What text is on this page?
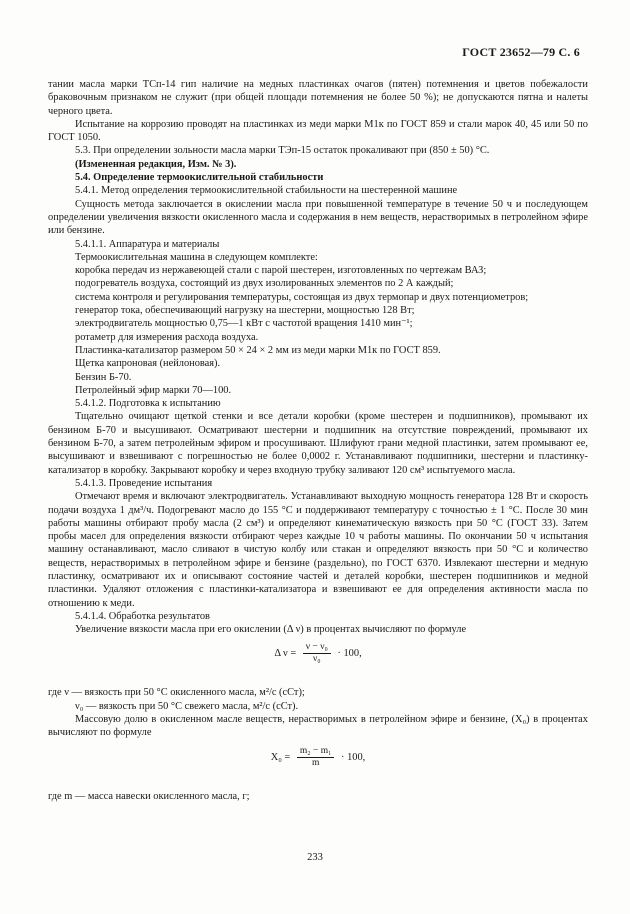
ГОСТ 23652—79 С. 6

тании масла марки ТСп-14 гип наличие на медных пластинках очагов (пятен) потемнения и цветов побежалости браковочным признаком не служит (при общей площади потемнения не более 50 %); не допускаются пятна и налеты черного цвета.

Испытание на коррозию проводят на пластинках из меди марки М1к по ГОСТ 859 и стали марок 40, 45 или 50 по ГОСТ 1050.

5.3. При определении зольности масла марки ТЭп-15 остаток прокаливают при (850 ± 50) °С.

(Измененная редакция, Изм. № 3).

5.4. Определение термоокислительной стабильности

5.4.1. Метод определения термоокислительной стабильности на шестеренной машине

Сущность метода заключается в окислении масла при повышенной температуре в течение 50 ч и последующем определении увеличения вязкости окисленного масла и содержания в нем веществ, нерастворимых в петролейном эфире или бензине.

5.4.1.1. Аппаратура и материалы

Термоокислительная машина в следующем комплекте:

коробка передач из нержавеющей стали с парой шестерен, изготовленных по чертежам ВАЗ;

подогреватель воздуха, состоящий из двух изолированных элементов по 2 А каждый;

система контроля и регулирования температуры, состоящая из двух термопар и двух потенциометров;

генератор тока, обеспечивающий нагрузку на шестерни, мощностью 128 Вт;

электродвигатель мощностью 0,75—1 кВт с частотой вращения 1410 мин⁻¹;

ротаметр для измерения расхода воздуха.

Пластинка-катализатор размером 50 × 24 × 2 мм из меди марки М1к по ГОСТ 859.

Щетка капроновая (нейлоновая).

Бензин Б-70.

Петролейный эфир марки 70—100.

5.4.1.2. Подготовка к испытанию

Тщательно очищают щеткой стенки и все детали коробки (кроме шестерен и подшипников), промывают их бензином Б-70 и высушивают. Осматривают шестерни и подшипник на отсутствие повреждений, промывают их бензином Б-70, а затем петролейным эфиром и просушивают. Шлифуют грани медной пластинки, затем промывают ее, высушивают и взвешивают с погрешностью не более 0,0002 г. Устанавливают подшипники, шестерни и пластинку-катализатор в коробку. Закрывают коробку и через входную трубку заливают 120 см³ испытуемого масла.

5.4.1.3. Проведение испытания

Отмечают время и включают электродвигатель. Устанавливают выходную мощность генератора 128 Вт и скорость подачи воздуха 1 дм³/ч. Подогревают масло до 155 °С и поддерживают температуру с точностью ± 1 °С. После 30 мин работы машины отбирают пробу масла (2 см³) и определяют кинематическую вязкость при 50 °С (ГОСТ 33). Затем пробы масел для определения вязкости отбирают через каждые 10 ч работы машины. По окончании 50 ч испытания машину останавливают, масло сливают в чистую колбу или стакан и определяют вязкость при 50 °С и количество веществ, нерастворимых в петролейном эфире и бензине (раздельно), по ГОСТ 6370. Извлекают шестерни и медную пластинку, осматривают их и описывают состояние частей и деталей коробки, шестерен подшипников и медной пластинки. Удаляют отложения с пластинки-катализатора и взвешивают ее для определения активности масла по отношению к меди.

5.4.1.4. Обработка результатов

Увеличение вязкости масла при его окислении (Δ ν) в процентах вычисляют по формуле

Δ $\nu = \frac{\text{ν − ν₀}}{\text{ν₀}} \cdot 100$,

где ν — вязкость при 50 °С окисленного масла, м²/с (сСт);

ν₀ — вязкость при 50 °С свежего масла, м²/с (сСт).

Массовую долю в окисленном масле веществ, нерастворимых в петролейном эфире и бензине, (X₀) в процентах вычисляют по формуле

$X_0 = \frac{\text{m₂ − m₁}}{m} \cdot 100$,

где m — масса навески окисленного масла, г;

233
